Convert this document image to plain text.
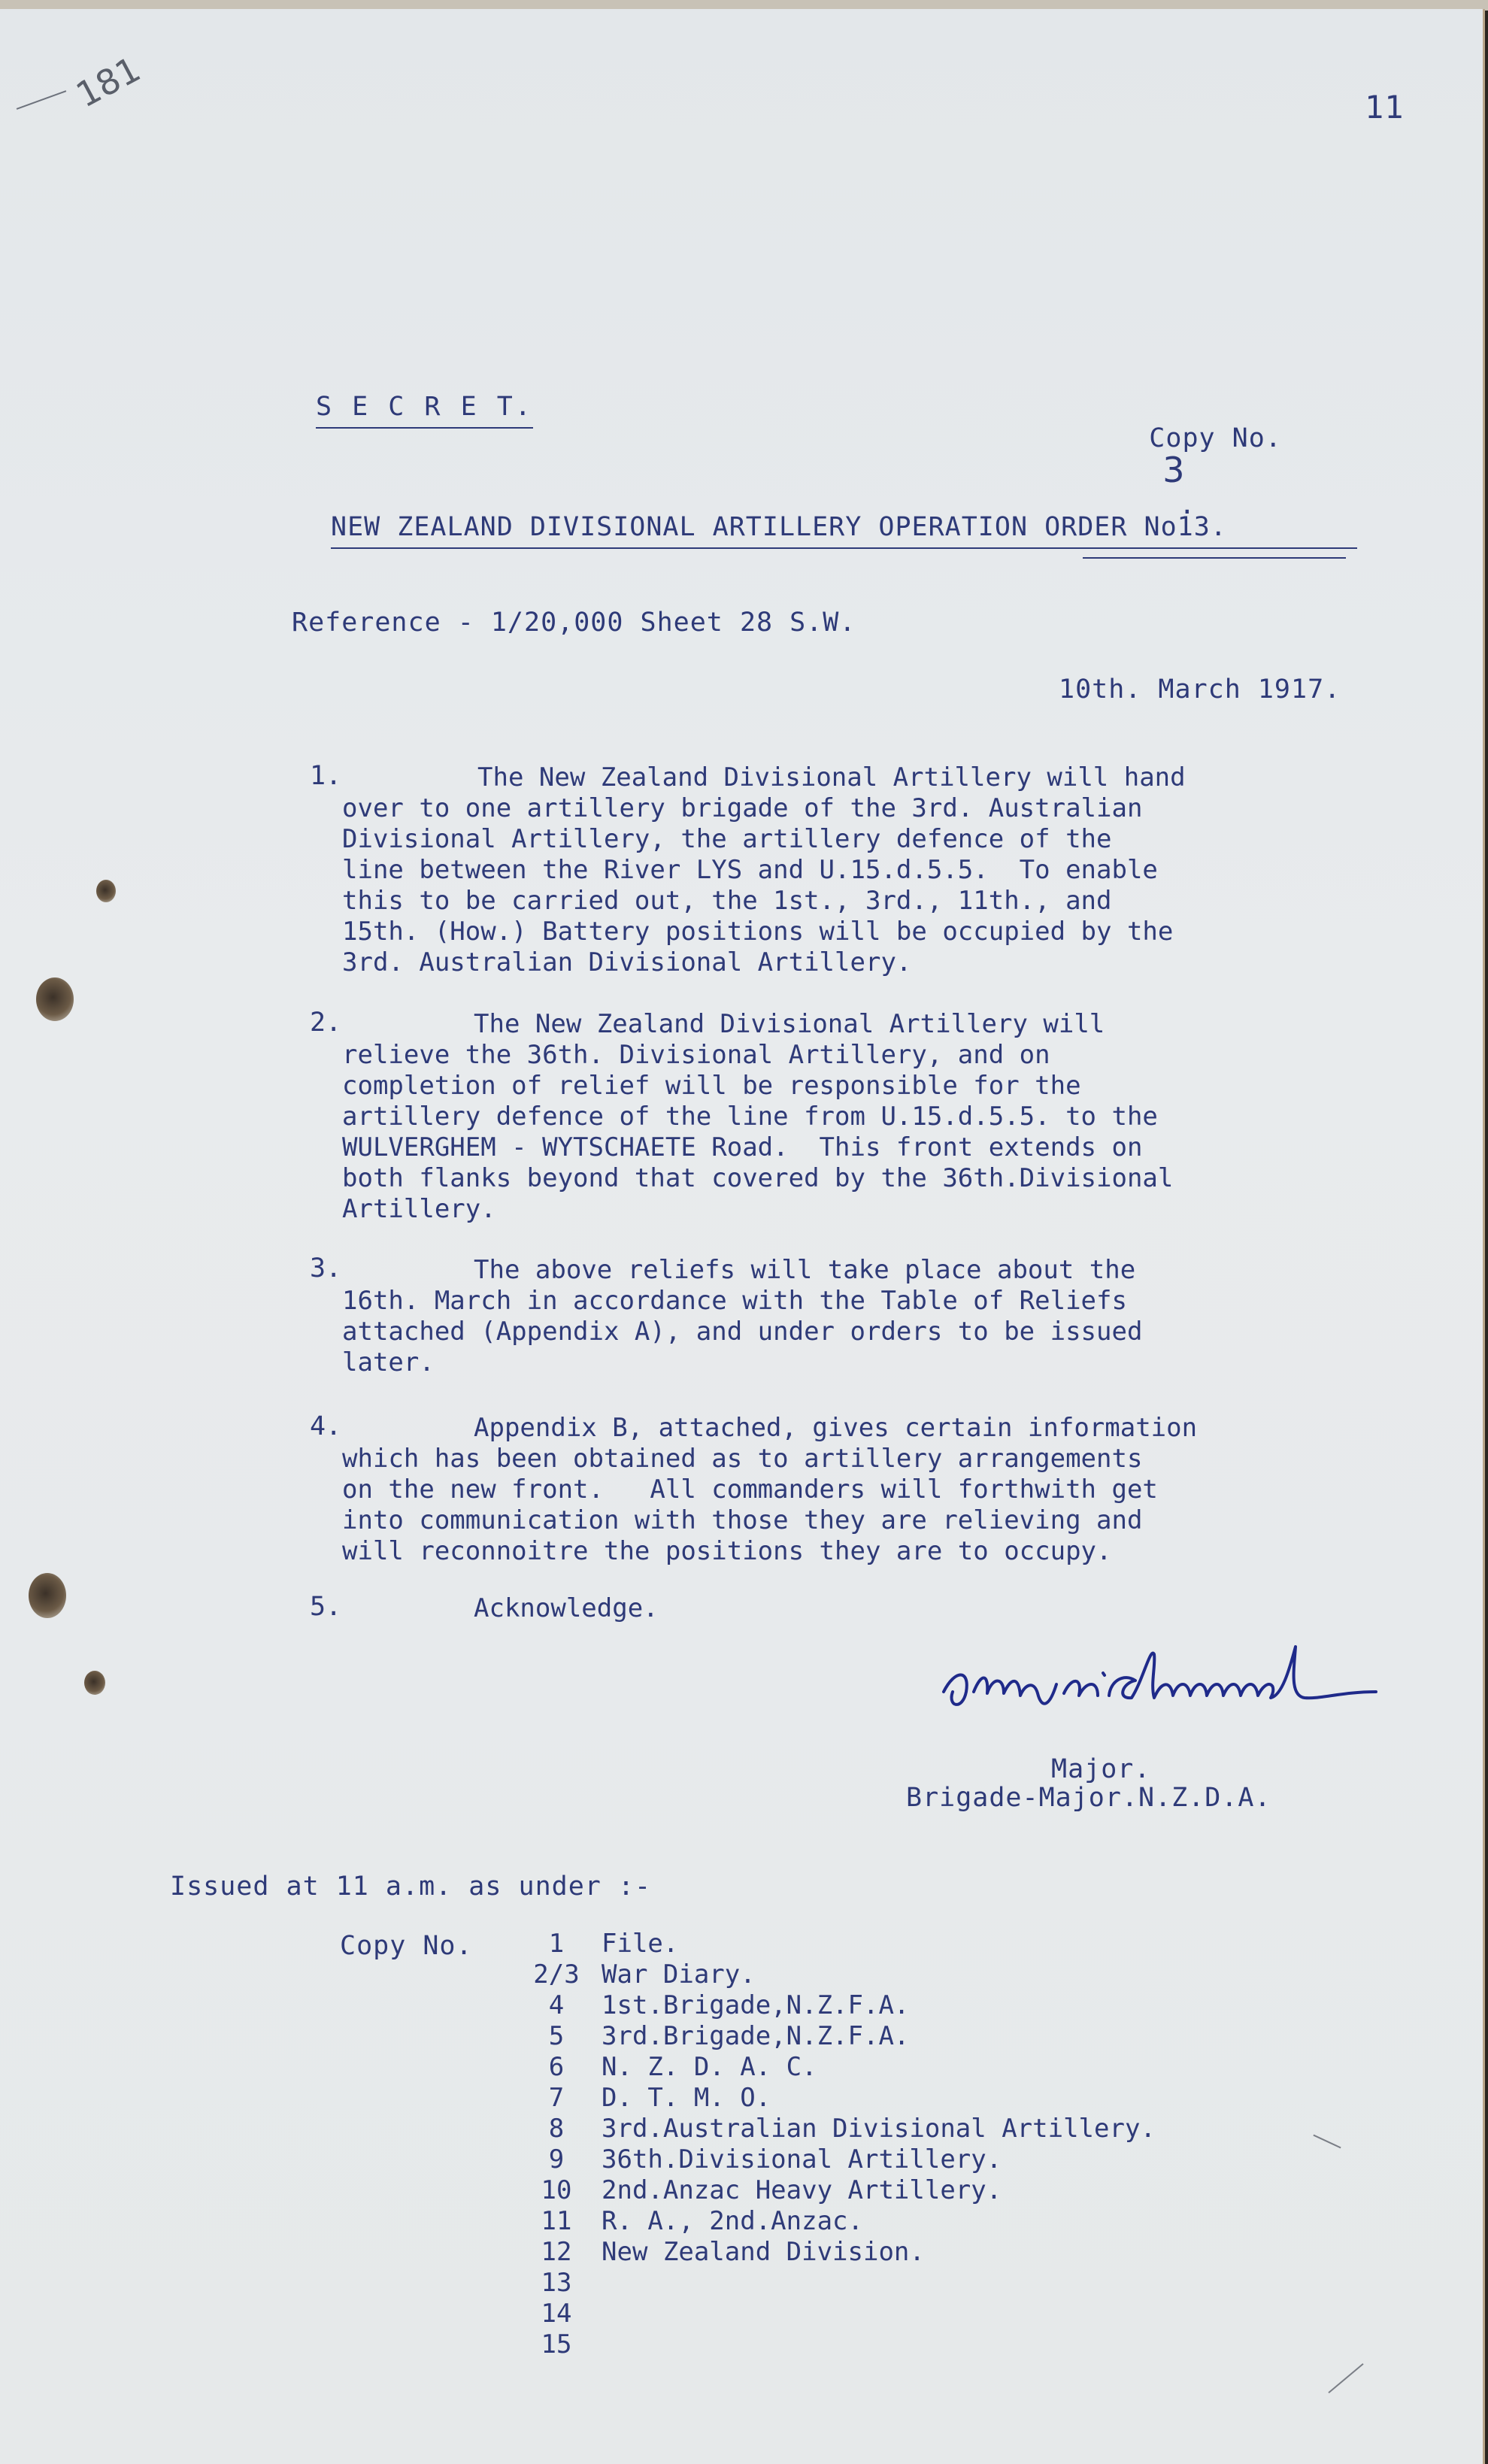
181	11
S E C R E T.

Copy No.
3
.

NEW ZEALAND DIVISIONAL ARTILLERY OPERATION ORDER No13.
Reference - 1/20,000 Sheet 28 S.W.
10th. March 1917.
1.	The New Zealand Divisional Artillery will hand
over to one artillery brigade of the 3rd. Australian
Divisional Artillery, the artillery defence of the
line between the River LYS and U.15.d.5.5.  To enable
this to be carried out, the 1st., 3rd., 11th., and
15th. (How.) Battery positions will be occupied by the
3rd. Australian Divisional Artillery.
2.	The New Zealand Divisional Artillery will
relieve the 36th. Divisional Artillery, and on
completion of relief will be responsible for the
artillery defence of the line from U.15.d.5.5. to the
WULVERGHEM - WYTSCHAETE Road.  This front extends on
both flanks beyond that covered by the 36th.Divisional
Artillery.
3.	The above reliefs will take place about the
16th. March in accordance with the Table of Reliefs
attached (Appendix A), and under orders to be issued
later.
4.	Appendix B, attached, gives certain information
which has been obtained as to artillery arrangements
on the new front.   All commanders will forthwith get
into communication with those they are relieving and
will reconnoitre the positions they are to occupy.
5.	Acknowledge.
Major.
Brigade-Major.N.Z.D.A.
Issued at 11 a.m. as under :-
Copy No.	1	File.
2/3 War Diary.
4	1st.Brigade,N.Z.F.A.
5	3rd.Brigade,N.Z.F.A.
6	N. Z. D. A. C.
7	D. T. M. O.
8	3rd.Australian Divisional Artillery.
9	36th.Divisional Artillery.
10	2nd.Anzac Heavy Artillery.
11	R. A., 2nd.Anzac.
12	New Zealand Division.
13
14
15
